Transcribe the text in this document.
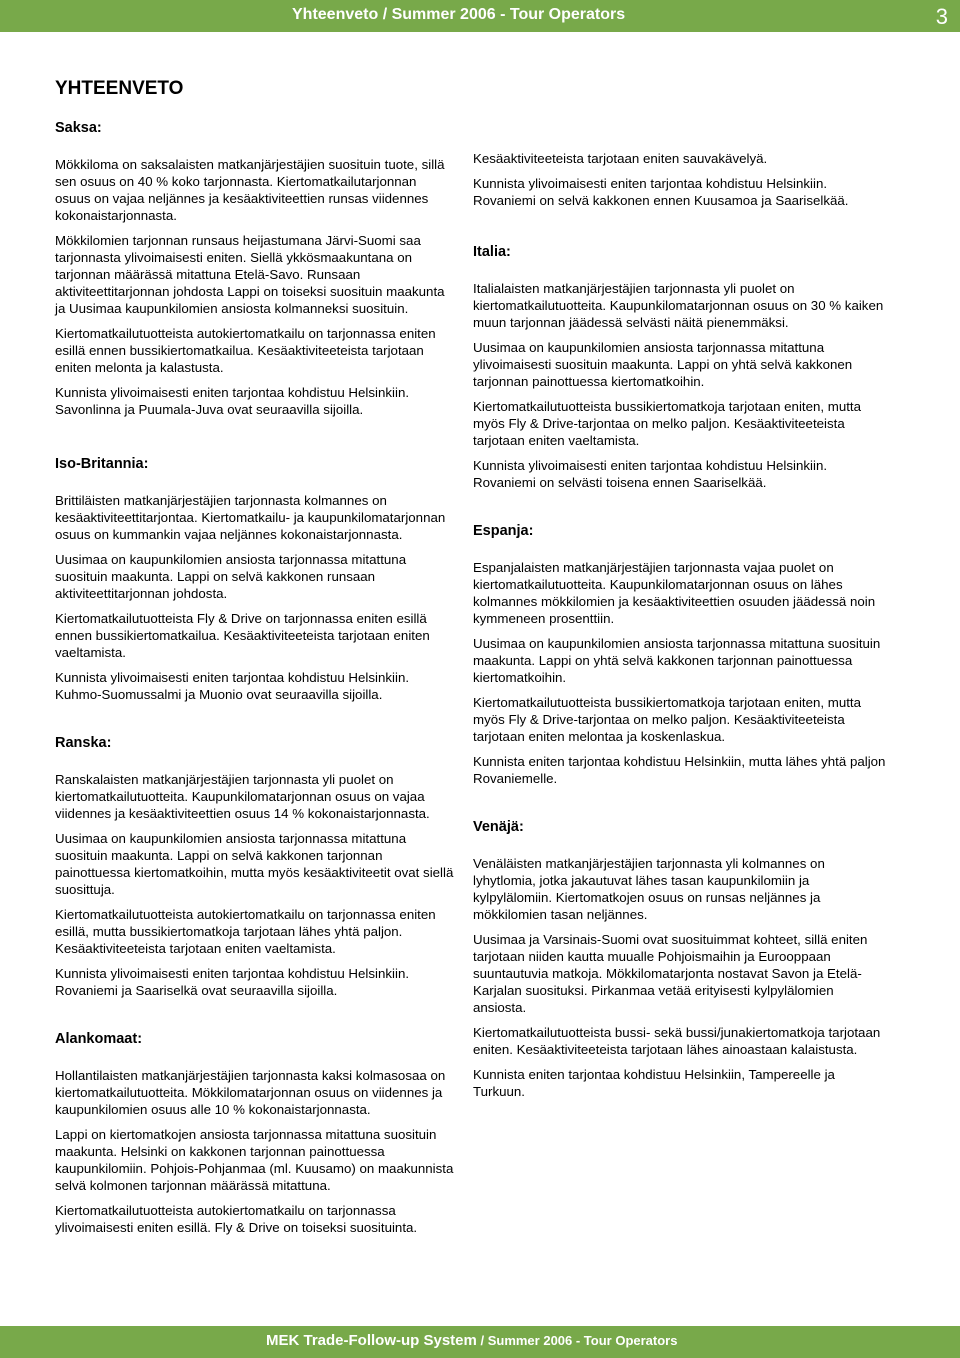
Yhteenveto / Summer 2006 - Tour Operators	3
YHTEENVETO
Saksa:

Mökkiloma on saksalaisten matkanjärjestäjien suosituin tuote, sillä sen osuus on 40 % koko tarjonnasta. Kiertomatkailutarjonnan osuus on vajaa neljännes ja kesäaktiviteettien runsas viidennes kokonaistarjonnasta.

Mökkilomien tarjonnan runsaus heijastumana Järvi-Suomi saa tarjonnasta ylivoimaisesti eniten. Siellä ykkösmaakuntana on tarjonnan määrässä mitattuna Etelä-Savo. Runsaan aktiviteettitarjonnan johdosta Lappi on toiseksi suosituin maakunta ja Uusimaa kaupunkilomien ansiosta kolmanneksi suosituin.

Kiertomatkailutuotteista autokiertomatkailu on tarjonnassa eniten esillä ennen bussikiertomatkailua. Kesäaktiviteeteista tarjotaan eniten melonta ja kalastusta.

Kunnista ylivoimaisesti eniten tarjontaa kohdistuu Helsinkiin. Savonlinna ja Puumala-Juva ovat seuraavilla sijoilla.

Iso-Britannia:

Brittiläisten matkanjärjestäjien tarjonnasta kolmannes on kesäaktiviteettitarjontaa. Kiertomatkailu- ja kaupunkilomatarjonnan osuus on kummankin vajaa neljännes kokonaistarjonnasta.

Uusimaa on kaupunkilomien ansiosta tarjonnassa mitattuna suosituin maakunta. Lappi on selvä kakkonen runsaan aktiviteettitarjonnan johdosta.

Kiertomatkailutuotteista Fly & Drive on tarjonnassa eniten esillä ennen bussikiertomatkailua. Kesäaktiviteeteista tarjotaan eniten vaeltamista.

Kunnista ylivoimaisesti eniten tarjontaa kohdistuu Helsinkiin. Kuhmo-Suomussalmi ja Muonio ovat seuraavilla sijoilla.

Ranska:

Ranskalaisten matkanjärjestäjien tarjonnasta yli puolet on kiertomatkailutuotteita. Kaupunkilomatarjonnan osuus on vajaa viidennes ja kesäaktiviteettien osuus 14 % kokonaistarjonnasta.

Uusimaa on kaupunkilomien ansiosta tarjonnassa mitattuna suosituin maakunta. Lappi on selvä kakkonen tarjonnan painottuessa kiertomatkoihin, mutta myös kesäaktiviteetit ovat siellä suosittuja.

Kiertomatkailutuotteista autokiertomatkailu on tarjonnassa eniten esillä, mutta bussikiertomatkoja tarjotaan lähes yhtä paljon. Kesäaktiviteeteista tarjotaan eniten vaeltamista.

Kunnista ylivoimaisesti eniten tarjontaa kohdistuu Helsinkiin. Rovaniemi ja Saariselkä ovat seuraavilla sijoilla.

Alankomaat:

Hollantilaisten matkanjärjestäjien tarjonnasta kaksi kolmasosaa on kiertomatkailutuotteita. Mökkilomatarjonnan osuus on viidennes ja kaupunkilomien osuus alle 10 % kokonaistarjonnasta.

Lappi on kiertomatkojen ansiosta tarjonnassa mitattuna suosituin maakunta. Helsinki on kakkonen tarjonnan painottuessa kaupunkilomiin. Pohjois-Pohjanmaa (ml. Kuusamo) on maakunnista selvä kolmonen tarjonnan määrässä mitattuna.

Kiertomatkailutuotteista autokiertomatkailu on tarjonnassa ylivoimaisesti eniten esillä. Fly & Drive on toiseksi suosituinta.

Kesäaktiviteeteista tarjotaan eniten sauvakävelyä.

Kunnista ylivoimaisesti eniten tarjontaa kohdistuu Helsinkiin. Rovaniemi on selvä kakkonen ennen Kuusamoa ja Saariselkää.

Italia:

Italialaisten matkanjärjestäjien tarjonnasta yli puolet on kiertomatkailutuotteita. Kaupunkilomatarjonnan osuus on 30 % kaiken muun tarjonnan jäädessä selvästi näitä pienemmäksi.

Uusimaa on kaupunkilomien ansiosta tarjonnassa mitattuna ylivoimaisesti suosituin maakunta. Lappi on yhtä selvä kakkonen tarjonnan painottuessa kiertomatkoihin.

Kiertomatkailutuotteista bussikiertomatkoja tarjotaan eniten, mutta myös Fly & Drive-tarjontaa on melko paljon. Kesäaktiviteeteista tarjotaan eniten vaeltamista.

Kunnista ylivoimaisesti eniten tarjontaa kohdistuu Helsinkiin. Rovaniemi on selvästi toisena ennen Saariselkää.

Espanja:

Espanjalaisten matkanjärjestäjien tarjonnasta vajaa puolet on kiertomatkailutuotteita. Kaupunkilomatarjonnan osuus on lähes kolmannes mökkilomien ja kesäaktiviteettien osuuden jäädessä noin kymmeneen prosenttiin.

Uusimaa on kaupunkilomien ansiosta tarjonnassa mitattuna suosituin maakunta. Lappi on yhtä selvä kakkonen tarjonnan painottuessa kiertomatkoihin.

Kiertomatkailutuotteista bussikiertomatkoja tarjotaan eniten, mutta myös Fly & Drive-tarjontaa on melko paljon. Kesäaktiviteeteista tarjotaan eniten melontaa ja koskenlaskua.

Kunnista eniten tarjontaa kohdistuu Helsinkiin, mutta lähes yhtä paljon Rovaniemelle.

Venäjä:

Venäläisten matkanjärjestäjien tarjonnasta yli kolmannes on lyhytlomia, jotka jakautuvat lähes tasan kaupunkilomiin ja kylpylälomiin. Kiertomatkojen osuus on runsas neljännes ja mökkilomien tasan neljännes.

Uusimaa ja Varsinais-Suomi ovat suosituimmat kohteet, sillä eniten tarjotaan niiden kautta muualle Pohjoismaihin ja Eurooppaan suuntautuvia matkoja. Mökkilomatarjonta nostavat Savon ja Etelä-Karjalan suosituksi. Pirkanmaa vetää erityisesti kylpylälomien ansiosta.

Kiertomatkailutuotteista bussi- sekä bussi/junakiertomatkoja tarjotaan eniten. Kesäaktiviteeteista tarjotaan lähes ainoastaan kalaistusta.

Kunnista eniten tarjontaa kohdistuu Helsinkiin, Tampereelle ja Turkuun.

MEK Trade-Follow-up System / Summer 2006 - Tour Operators
